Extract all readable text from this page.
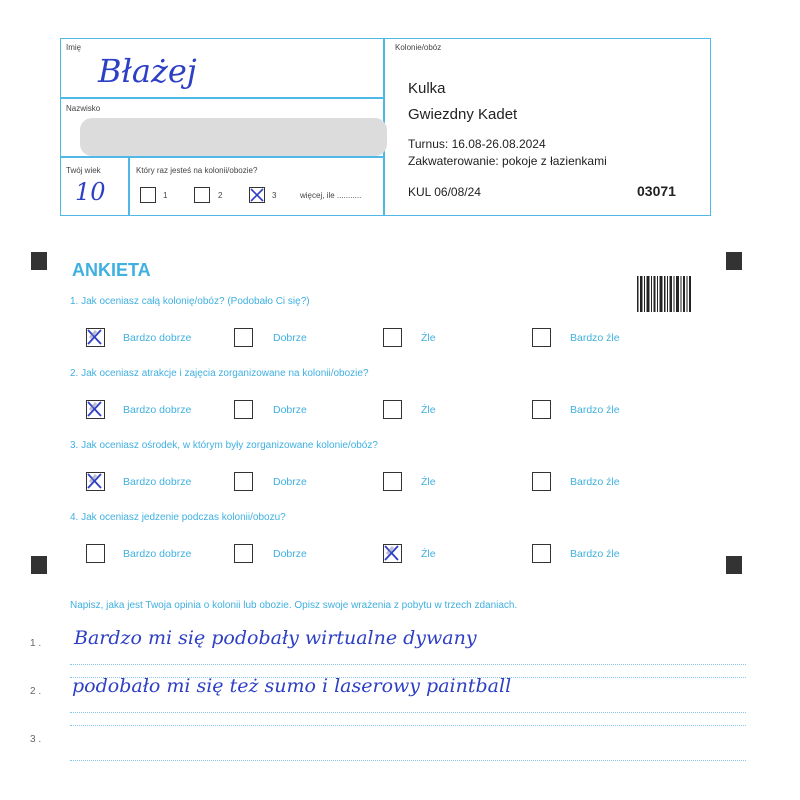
Imię
Błażej
Nazwisko
Twój wiek
10
Który raz jesteś na kolonii/obozie?
1	2	3	więcej, ile ...........
Kolonie/obóz
Kulka
Gwiezdny Kadet
Turnus: 16.08-26.08.2024
Zakwaterowanie: pokoje z łazienkami
KUL 06/08/24	03071
ANKIETA
1. Jak oceniasz całą kolonię/obóz? (Podobało Ci się?)
Bardzo dobrze	Dobrze	Źle	Bardzo źle
2. Jak oceniasz atrakcje i zajęcia zorganizowane na kolonii/obozie?
Bardzo dobrze	Dobrze	Źle	Bardzo źle
3. Jak oceniasz ośrodek, w którym były zorganizowane kolonie/obóz?
Bardzo dobrze	Dobrze	Źle	Bardzo źle
4. Jak oceniasz jedzenie podczas kolonii/obozu?
Bardzo dobrze	Dobrze	Źle	Bardzo źle
Napisz, jaka jest Twoja opinia o kolonii lub obozie. Opisz swoje wrażenia z pobytu w trzech zdaniach.
1 . Bardzo mi się podobały wirtualne dywany
2 . podobało mi się też sumo i laserowy paintball
3 .
